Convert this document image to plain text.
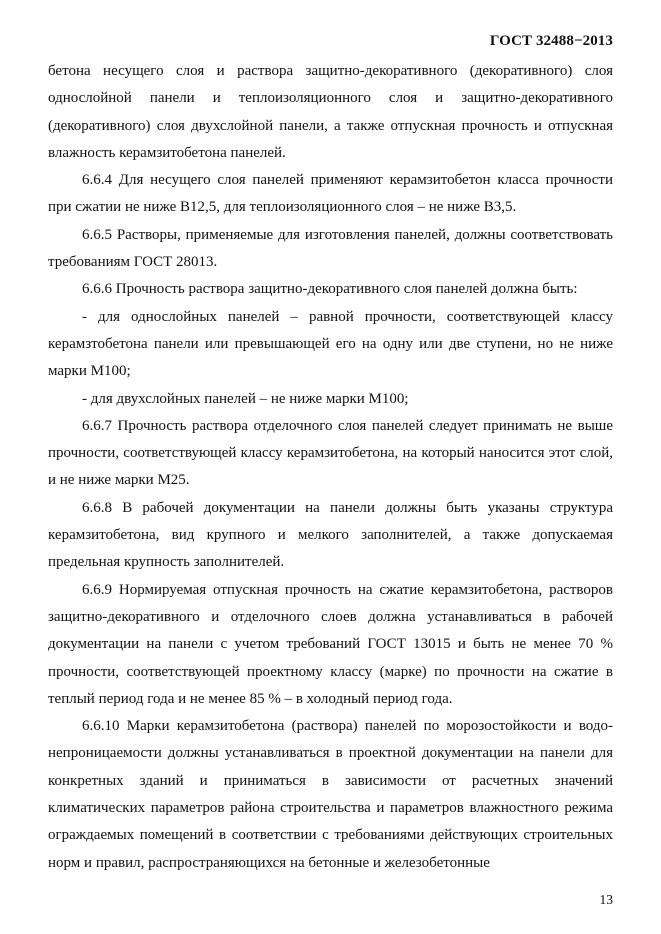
ГОСТ 32488−2013

бетона несущего слоя и раствора защитно-декоративного (декоративного) слоя однослойной панели и теплоизоляционного слоя и защитно-декоративного (декоративного) слоя двухслойной панели, а также отпускная прочность и отпускная влажность керамзитобетона панелей.

6.6.4 Для несущего слоя панелей применяют керамзитобетон класса прочности при сжатии не ниже B12,5, для теплоизоляционного слоя – не ниже B3,5.

6.6.5 Растворы, применяемые для изготовления панелей, должны соответствовать требованиям ГОСТ 28013.

6.6.6 Прочность раствора защитно-декоративного слоя панелей должна быть:

- для однослойных панелей – равной прочности, соответствующей классу керамзтобетона панели или превышающей его на одну или две ступени, но не ниже марки М100;

- для двухслойных панелей – не ниже марки М100;

6.6.7 Прочность раствора отделочного слоя панелей следует принимать не выше прочности, соответствующей классу керамзитобетона, на который наносится этот слой, и не ниже марки М25.

6.6.8 В рабочей документации на панели должны быть указаны структура керамзитобетона, вид крупного и мелкого заполнителей, а также допускаемая предельная крупность заполнителей.

6.6.9 Нормируемая отпускная прочность на сжатие керамзитобетона, растворов защитно-декоративного и отделочного слоев должна устанавливаться в рабочей документации на панели с учетом требований ГОСТ 13015 и быть не менее 70 % прочности, соответствующей проектному классу (марке) по прочности на сжатие в теплый период года и не менее 85 % – в холодный период года.

6.6.10 Марки керамзитобетона (раствора) панелей по морозостойкости и водонепроницаемости должны устанавливаться в проектной документации на панели для конкретных зданий и приниматься в зависимости от расчетных значений климатических параметров района строительства и параметров влажностного режима ограждаемых помещений в соответствии с требованиями действующих строительных норм и правил, распространяющихся на бетонные и железобетонные

13
